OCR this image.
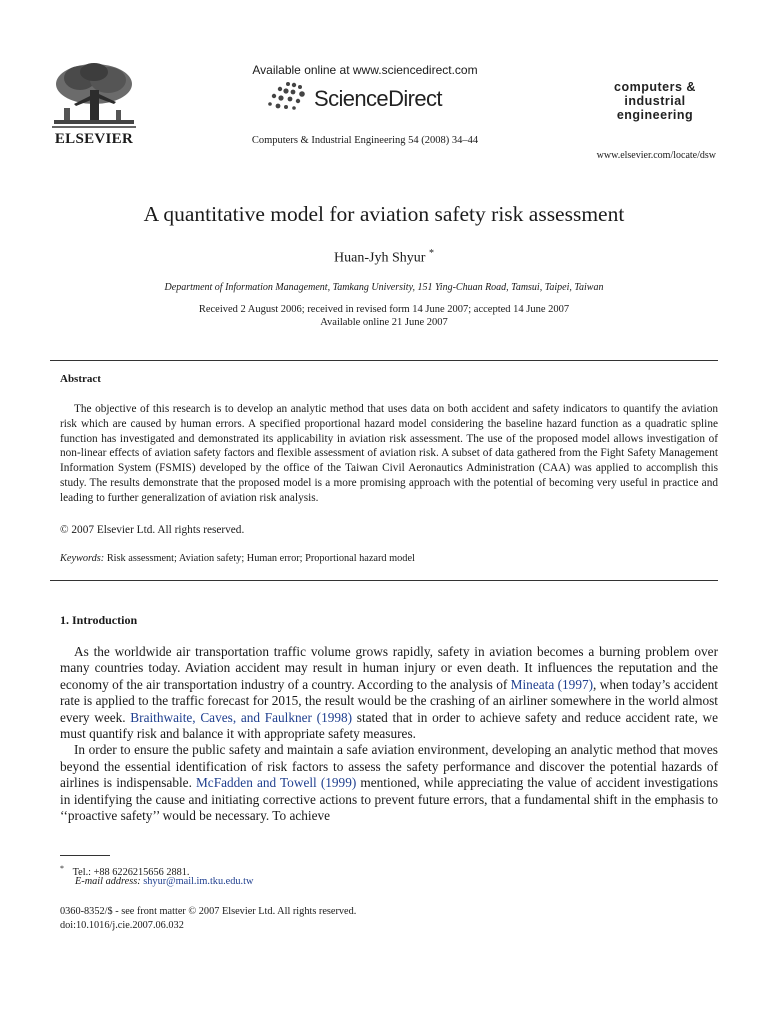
ELSEVIER
Available online at www.sciencedirect.com
ScienceDirect
Computers & Industrial Engineering 54 (2008) 34–44
computers &
industrial
engineering
www.elsevier.com/locate/dsw
A quantitative model for aviation safety risk assessment
Huan-Jyh Shyur *
Department of Information Management, Tamkang University, 151 Ying-Chuan Road, Tamsui, Taipei, Taiwan
Received 2 August 2006; received in revised form 14 June 2007; accepted 14 June 2007
Available online 21 June 2007
Abstract
The objective of this research is to develop an analytic method that uses data on both accident and safety indicators to quantify the aviation risk which are caused by human errors. A specified proportional hazard model considering the baseline hazard function as a quadratic spline function has investigated and demonstrated its applicability in aviation risk assessment. The use of the proposed model allows investigation of non-linear effects of aviation safety factors and flexible assessment of aviation risk. A subset of data gathered from the Fight Safety Management Information System (FSMIS) developed by the office of the Taiwan Civil Aeronautics Administration (CAA) was applied to accomplish this study. The results demonstrate that the proposed model is a more promising approach with the potential of becoming very useful in practice and leading to further generalization of aviation risk analysis.
© 2007 Elsevier Ltd. All rights reserved.
Keywords: Risk assessment; Aviation safety; Human error; Proportional hazard model
1. Introduction

As the worldwide air transportation traffic volume grows rapidly, safety in aviation becomes a burning problem over many countries today. Aviation accident may result in human injury or even death. It influences the reputation and the economy of the air transportation industry of a country. According to the analysis of Mineata (1997), when today’s accident rate is applied to the traffic forecast for 2015, the result would be the crashing of an airliner somewhere in the world almost every week. Braithwaite, Caves, and Faulkner (1998) stated that in order to achieve safety and reduce accident rate, we must quantify risk and balance it with appropriate safety measures.

In order to ensure the public safety and maintain a safe aviation environment, developing an analytic method that moves beyond the essential identification of risk factors to assess the safety performance and discover the potential hazards of airlines is indispensable. McFadden and Towell (1999) mentioned, while appreciating the value of accident investigations in identifying the cause and initiating corrective actions to prevent future errors, that a fundamental shift in the emphasis to ‘‘proactive safety’’ would be necessary. To achieve

* Tel.: +88 6226215656 2881.
E-mail address: shyur@mail.im.tku.edu.tw
0360-8352/$ - see front matter © 2007 Elsevier Ltd. All rights reserved.
doi:10.1016/j.cie.2007.06.032
